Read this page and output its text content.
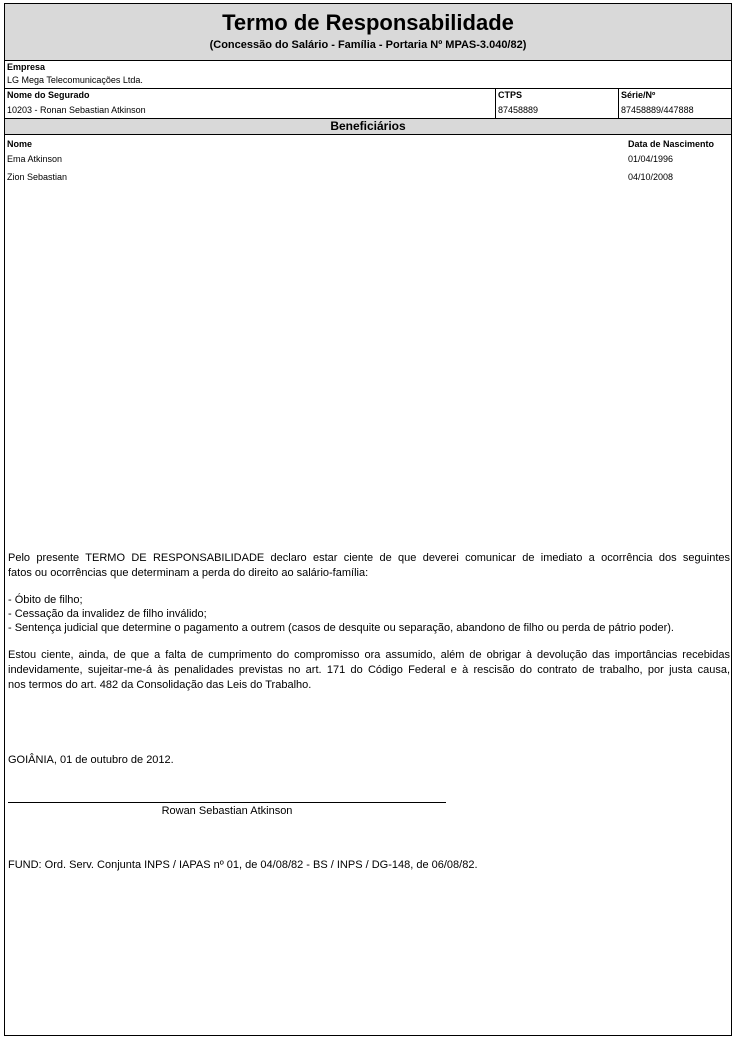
Termo de Responsabilidade
(Concessão do Salário - Família - Portaria Nº MPAS-3.040/82)
Empresa
LG Mega Telecomunicações Ltda.
Nome do Segurado
10203 - Ronan Sebastian Atkinson
CTPS
87458889
Série/Nº
87458889/447888
Beneficiários
Nome	Data de Nascimento
Ema Atkinson	01/04/1996
Zion Sebastian	04/10/2008
Pelo presente TERMO DE RESPONSABILIDADE declaro estar ciente de que deverei comunicar de imediato a ocorrência dos seguintes
fatos ou ocorrências que determinam a perda do direito ao salário-família:
- Óbito de filho;
- Cessação da invalidez de filho inválido;
- Sentença judicial que determine o pagamento a outrem (casos de desquite ou separação, abandono de filho ou perda de pátrio poder).
Estou ciente, ainda, de que a falta de cumprimento do compromisso ora assumido, além de obrigar à devolução das importâncias recebidas
indevidamente, sujeitar-me-á às penalidades previstas no art. 171 do Código Federal e à rescisão do contrato de trabalho, por justa causa,
nos termos do art. 482 da Consolidação das Leis do Trabalho.
GOIÂNIA, 01 de outubro de 2012.
Rowan Sebastian Atkinson
FUND: Ord. Serv. Conjunta INPS / IAPAS nº 01, de 04/08/82 - BS / INPS / DG-148, de 06/08/82.
